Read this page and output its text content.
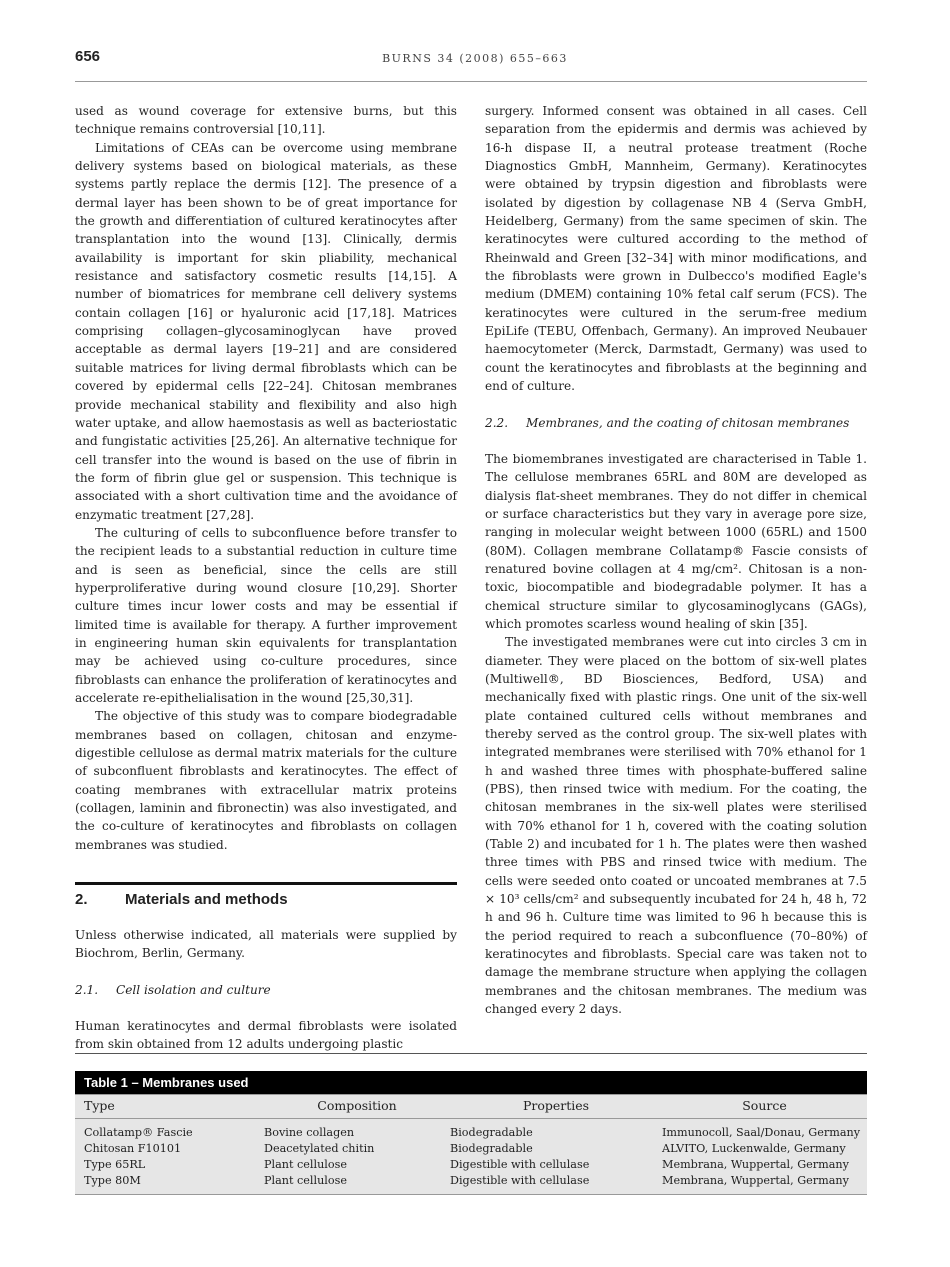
656	BURNS 34 (2008) 655–663

used as wound coverage for extensive burns, but this technique remains controversial [10,11].

Limitations of CEAs can be overcome using membrane delivery systems based on biological materials, as these systems partly replace the dermis [12]. The presence of a dermal layer has been shown to be of great importance for the growth and differentiation of cultured keratinocytes after transplantation into the wound [13]. Clinically, dermis availability is important for skin pliability, mechanical resistance and satisfactory cosmetic results [14,15]. A number of biomatrices for membrane cell delivery systems contain collagen [16] or hyaluronic acid [17,18]. Matrices comprising collagen–glycosaminoglycan have proved acceptable as dermal layers [19–21] and are considered suitable matrices for living dermal fibroblasts which can be covered by epidermal cells [22–24]. Chitosan membranes provide mechanical stability and flexibility and also high water uptake, and allow haemostasis as well as bacteriostatic and fungistatic activities [25,26]. An alternative technique for cell transfer into the wound is based on the use of fibrin in the form of fibrin glue gel or suspension. This technique is associated with a short cultivation time and the avoidance of enzymatic treatment [27,28].

The culturing of cells to subconfluence before transfer to the recipient leads to a substantial reduction in culture time and is seen as beneficial, since the cells are still hyperproliferative during wound closure [10,29]. Shorter culture times incur lower costs and may be essential if limited time is available for therapy. A further improvement in engineering human skin equivalents for transplantation may be achieved using co-culture procedures, since fibroblasts can enhance the proliferation of keratinocytes and accelerate re-epithelialisation in the wound [25,30,31].

The objective of this study was to compare biodegradable membranes based on collagen, chitosan and enzyme-digestible cellulose as dermal matrix materials for the culture of subconfluent fibroblasts and keratinocytes. The effect of coating membranes with extracellular matrix proteins (collagen, laminin and fibronectin) was also investigated, and the co-culture of keratinocytes and fibroblasts on collagen membranes was studied.

2. Materials and methods

Unless otherwise indicated, all materials were supplied by Biochrom, Berlin, Germany.

2.1. Cell isolation and culture

Human keratinocytes and dermal fibroblasts were isolated from skin obtained from 12 adults undergoing plastic

surgery. Informed consent was obtained in all cases. Cell separation from the epidermis and dermis was achieved by 16-h dispase II, a neutral protease treatment (Roche Diagnostics GmbH, Mannheim, Germany). Keratinocytes were obtained by trypsin digestion and fibroblasts were isolated by digestion by collagenase NB 4 (Serva GmbH, Heidelberg, Germany) from the same specimen of skin. The keratinocytes were cultured according to the method of Rheinwald and Green [32–34] with minor modifications, and the fibroblasts were grown in Dulbecco's modified Eagle's medium (DMEM) containing 10% fetal calf serum (FCS). The keratinocytes were cultured in the serum-free medium EpiLife (TEBU, Offenbach, Germany). An improved Neubauer haemocytometer (Merck, Darmstadt, Germany) was used to count the keratinocytes and fibroblasts at the beginning and end of culture.

2.2. Membranes, and the coating of chitosan membranes

The biomembranes investigated are characterised in Table 1. The cellulose membranes 65RL and 80M are developed as dialysis flat-sheet membranes. They do not differ in chemical or surface characteristics but they vary in average pore size, ranging in molecular weight between 1000 (65RL) and 1500 (80M). Collagen membrane Collatamp® Fascie consists of renatured bovine collagen at 4 mg/cm². Chitosan is a non-toxic, biocompatible and biodegradable polymer. It has a chemical structure similar to glycosaminoglycans (GAGs), which promotes scarless wound healing of skin [35].

The investigated membranes were cut into circles 3 cm in diameter. They were placed on the bottom of six-well plates (Multiwell®, BD Biosciences, Bedford, USA) and mechanically fixed with plastic rings. One unit of the six-well plate contained cultured cells without membranes and thereby served as the control group. The six-well plates with integrated membranes were sterilised with 70% ethanol for 1 h and washed three times with phosphate-buffered saline (PBS), then rinsed twice with medium. For the coating, the chitosan membranes in the six-well plates were sterilised with 70% ethanol for 1 h, covered with the coating solution (Table 2) and incubated for 1 h. The plates were then washed three times with PBS and rinsed twice with medium. The cells were seeded onto coated or uncoated membranes at 7.5 × 10³ cells/cm² and subsequently incubated for 24 h, 48 h, 72 h and 96 h. Culture time was limited to 96 h because this is the period required to reach a subconfluence (70–80%) of keratinocytes and fibroblasts. Special care was taken not to damage the membrane structure when applying the collagen membranes and the chitosan membranes. The medium was changed every 2 days.

Table 1 – Membranes used			
Type	Composition	Properties	Source
Collatamp® Fascie	Bovine collagen	Biodegradable	Immunocoll, Saal/Donau, Germany
Chitosan F10101	Deacetylated chitin	Biodegradable	ALVITO, Luckenwalde, Germany
Type 65RL	Plant cellulose	Digestible with cellulase	Membrana, Wuppertal, Germany
Type 80M	Plant cellulose	Digestible with cellulase	Membrana, Wuppertal, Germany
